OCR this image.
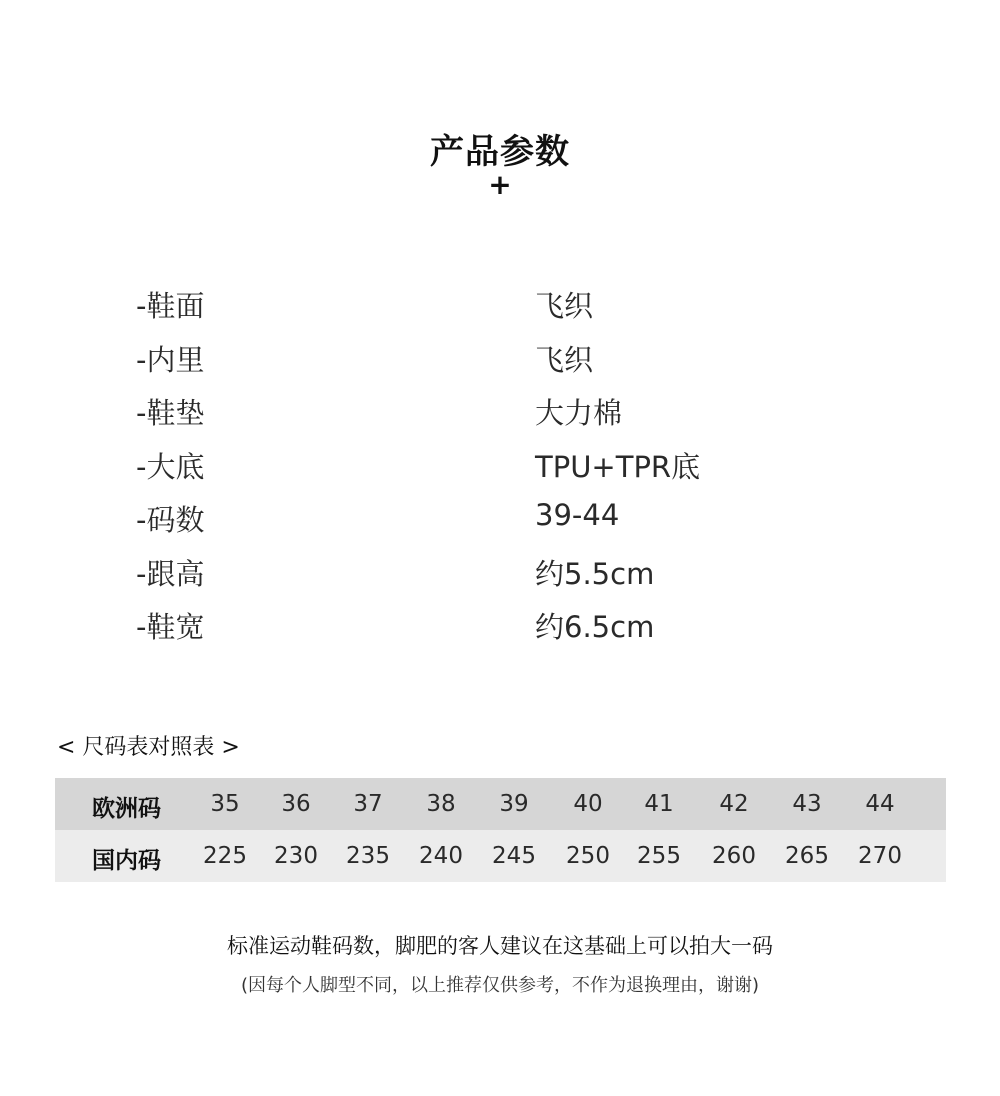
产品参数
+
-鞋面	飞织
-内里	飞织
-鞋垫	大力棉
-大底	TPU+TPR底
-码数	39-44
-跟高	约5.5cm
-鞋宽	约6.5cm
< 尺码表对照表 >
欧洲码	35	36	37	38	39	40	41	42	43	44
国内码	225	230	235	240	245	250	255	260	265	270
标准运动鞋码数，脚肥的客人建议在这基础上可以拍大一码
(因每个人脚型不同，以上推荐仅供参考，不作为退换理由，谢谢)
